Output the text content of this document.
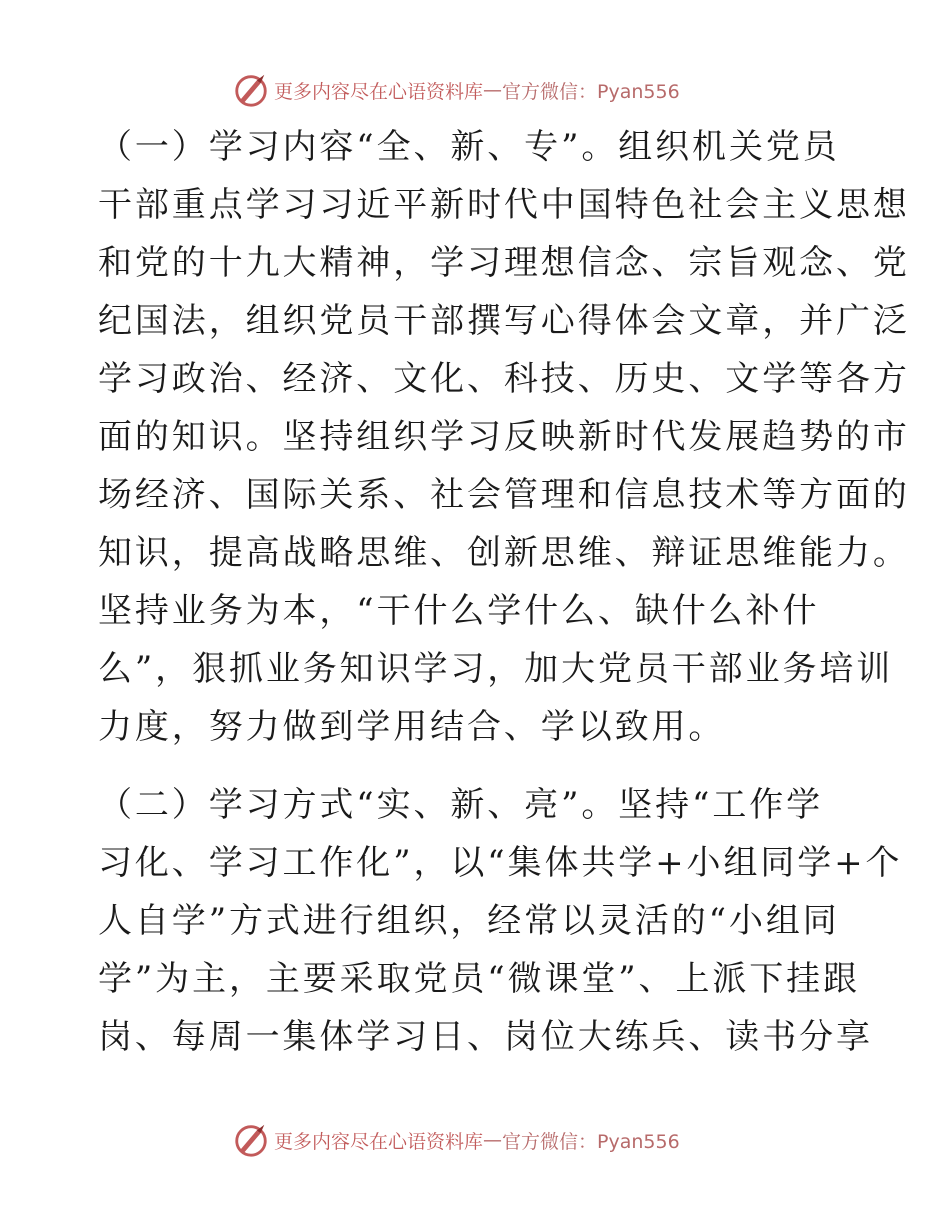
更多内容尽在心语资料库 — 官方微信：Pyan556

（一）学习内容“全、新、专”。组织机关党员
干部重点学习习近平新时代中国特色社会主义思想
和党的十九大精神，学习理想信念、宗旨观念、党
纪国法，组织党员干部撰写心得体会文章，并广泛
学习政治、经济、文化、科技、历史、文学等各方
面的知识。坚持组织学习反映新时代发展趋势的市
场经济、国际关系、社会管理和信息技术等方面的
知识，提高战略思维、创新思维、辩证思维能力。
坚持业务为本，“干什么学什么、缺什么补什
么”，狠抓业务知识学习，加大党员干部业务培训
力度，努力做到学用结合、学以致用。

（二）学习方式“实、新、亮”。坚持“工作学
习化、学习工作化”，以“集体共学+小组同学+个
人自学”方式进行组织，经常以灵活的“小组同
学”为主，主要采取党员“微课堂”、上派下挂跟
岗、每周一集体学习日、岗位大练兵、读书分享

更多内容尽在心语资料库 — 官方微信：Pyan556
